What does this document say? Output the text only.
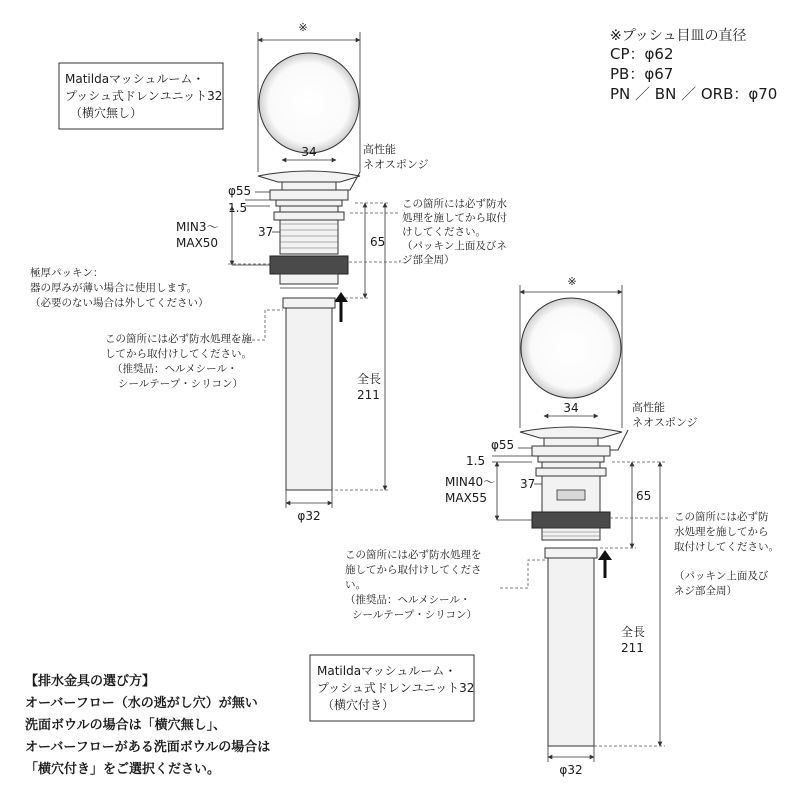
※プッシュ目皿の直径
CP：φ62
PB：φ67
PN ／ BN ／ ORB：φ70
Matildaマッシュルーム・
プッシュ式ドレンユニット32
（横穴無し）
※
34	高性能
ネオスポンジ
φ55
1.5
MIN3〜
MAX50
37
65
この箇所には必ず防水
処理を施してから取付
けしてください。
（パッキン上面及びネ
ジ部全周）
極厚パッキン：
器の厚みが薄い場合に使用します。
（必要のない場合は外してください）
φ32
全長
211
この箇所には必ず防水処理を施
してから取付けしてください。
（推奨品：ヘルメシール・
シールテープ・シリコン）
※
34	高性能
ネオスポンジ
φ55
1.5
MIN40〜
MAX55
37
65
この箇所には必ず防
水処理を施してから
取付けしてください。
（パッキン上面及び
ネジ部全周）
φ32
全長
211
この箇所には必ず防水処理を
施してから取付けしてくださ
い。
（推奨品：ヘルメシール・
シールテープ・シリコン）
Matildaマッシュルーム・
プッシュ式ドレンユニット32
（横穴付き）
【排水金具の選び方】
オーバーフロー（水の逃がし穴）が無い
洗面ボウルの場合は「横穴無し」、
オーバーフローがある洗面ボウルの場合は
「横穴付き」をご選択ください。
